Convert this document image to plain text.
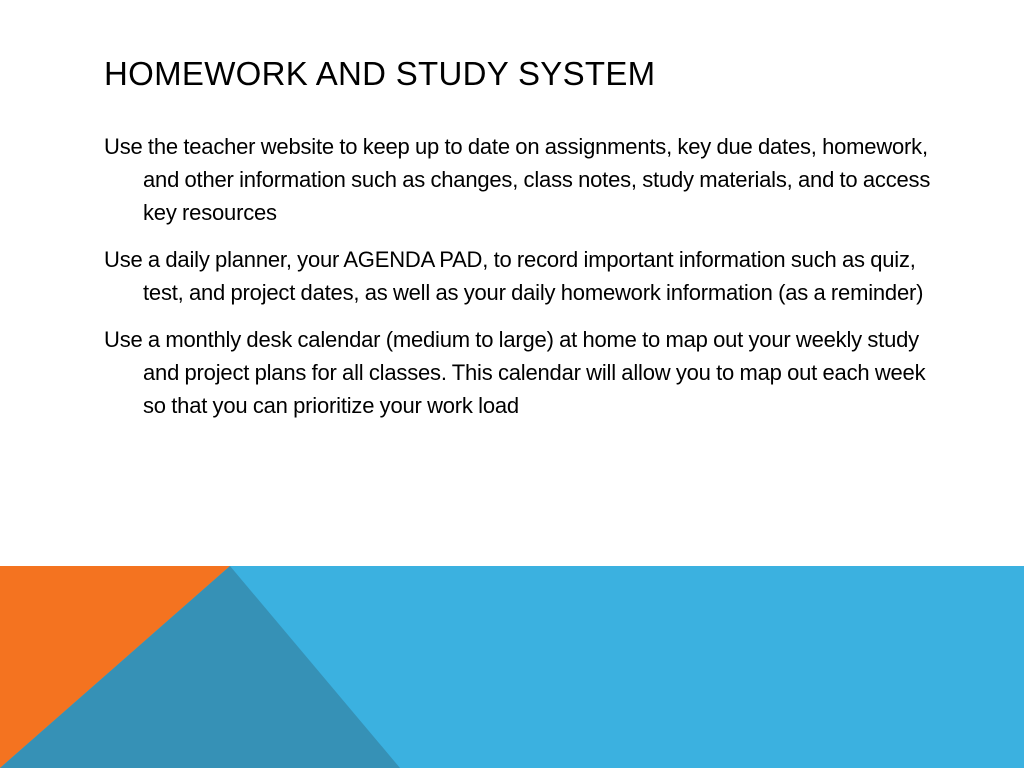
HOMEWORK AND STUDY SYSTEM
Use the teacher website to keep up to date on assignments, key due dates, homework, and other information such as changes, class notes, study materials, and to access key resources
Use a daily planner, your AGENDA PAD, to record important information such as quiz, test, and project dates, as well as your daily homework information (as a reminder)
Use a monthly desk calendar (medium to large) at home to map out your weekly study and project plans for all classes. This calendar will allow you to map out each week so that you can prioritize your work load
